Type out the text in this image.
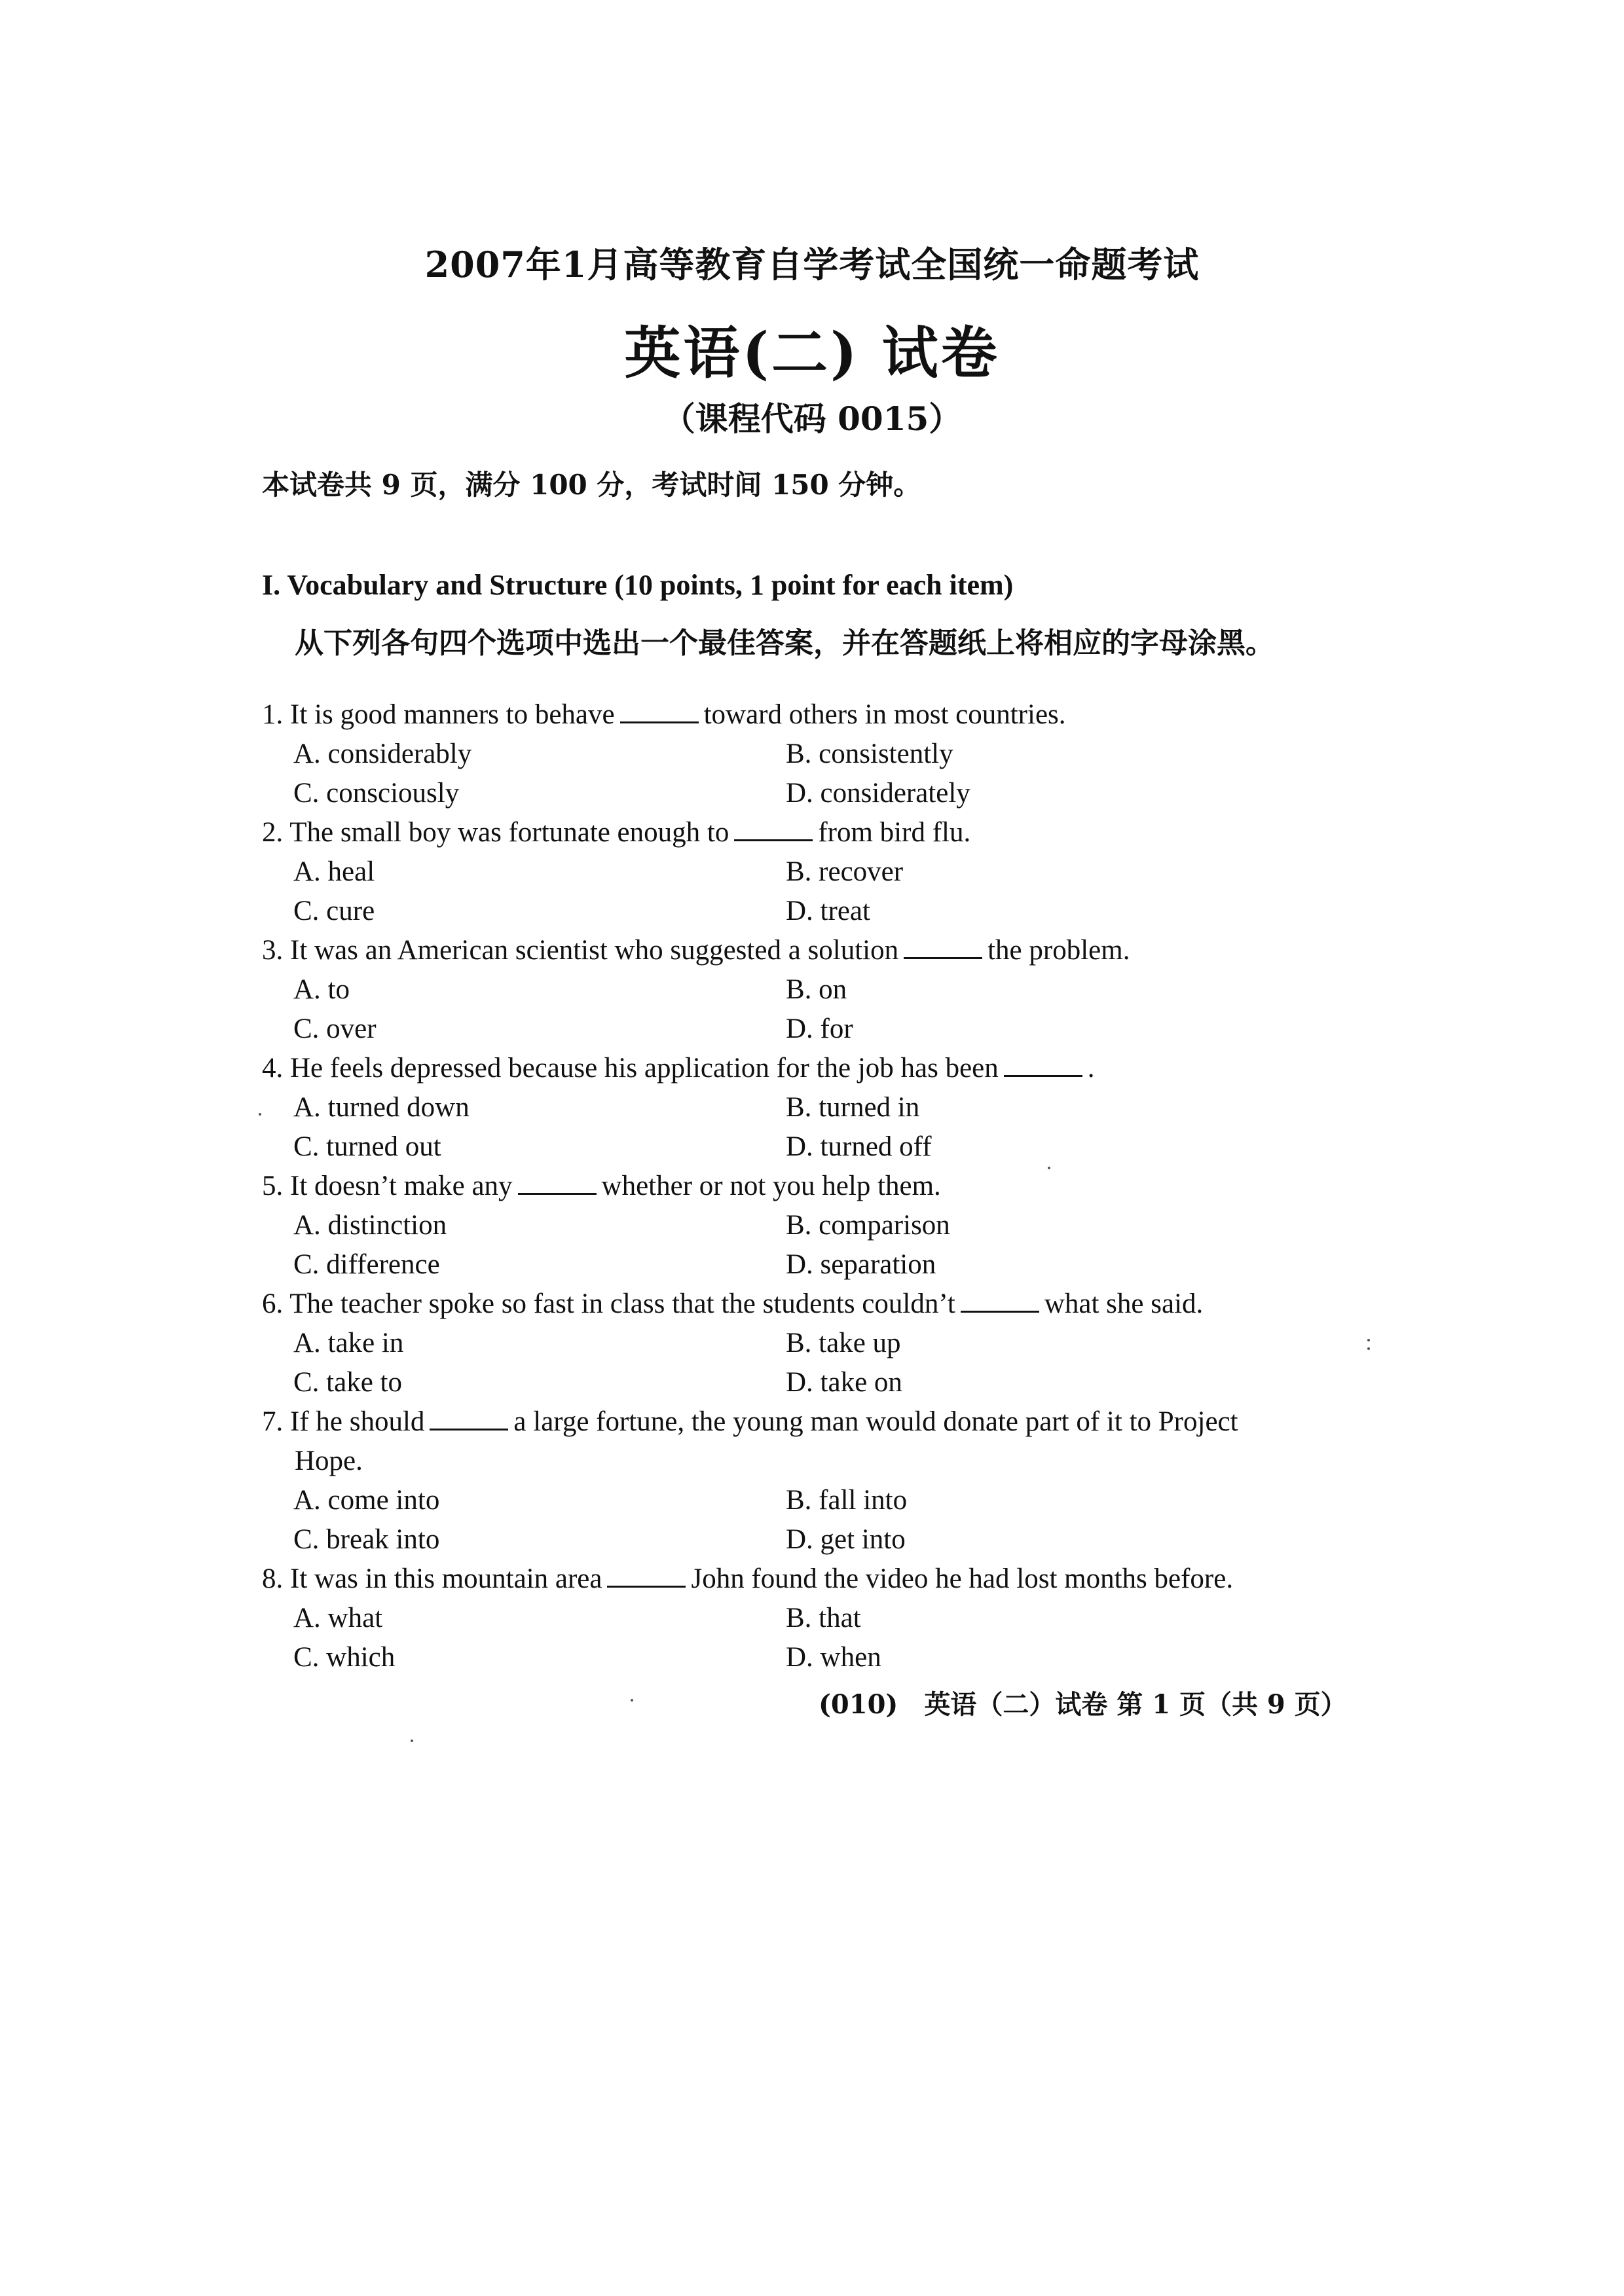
2007年1月高等教育自学考试全国统一命题考试
英语(二) 试卷
（课程代码 0015）
本试卷共 9 页，满分 100 分，考试时间 150 分钟。
I. Vocabulary and Structure (10 points, 1 point for each item)
从下列各句四个选项中选出一个最佳答案，并在答题纸上将相应的字母涂黑。
1. It is good manners to behave	toward others in most countries.
A. considerably	B. consistently
C. consciously	D. considerately
2. The small boy was fortunate enough to	from bird flu.
A. heal	B. recover
C. cure	D. treat
3. It was an American scientist who suggested a solution	the problem.
A. to	B. on
C. over	D. for
4. He feels depressed because his application for the job has been	.
A. turned down	B. turned in
C. turned out	D. turned off
5. It doesn’t make any	whether or not you help them.
A. distinction	B. comparison
C. difference	D. separation
6. The teacher spoke so fast in class that the students couldn’t	what she said.
A. take in	B. take up
C. take to	D. take on
7. If he should	a large fortune, the young man would donate part of it to Project
Hope.
A. come into	B. fall into
C. break into	D. get into
8. It was in this mountain area	John found the video he had lost months before.
A. what	B. that
C. which	D. when
(010)　英语（二）试卷 第 1 页（共 9 页）
